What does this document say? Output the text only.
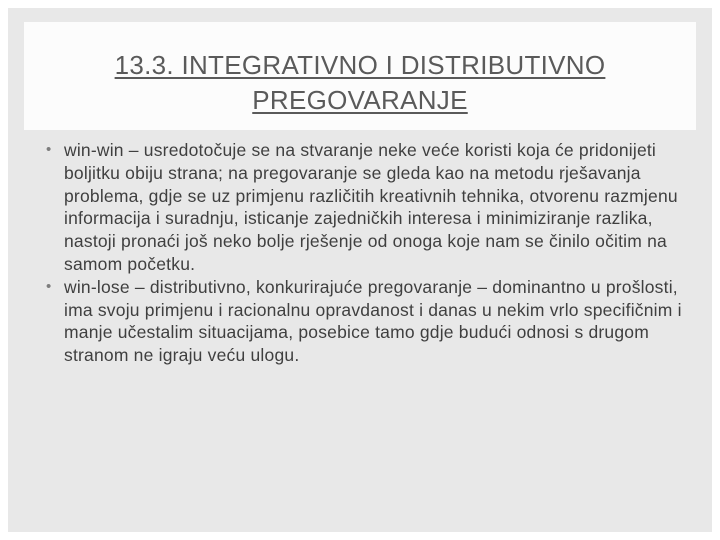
13.3. INTEGRATIVNO I DISTRIBUTIVNO
PREGOVARANJE

• win-win – usredotočuje se na stvaranje neke veće koristi koja će pridonijeti boljitku obiju strana; na pregovaranje se gleda kao na metodu rješavanja problema, gdje se uz primjenu različitih kreativnih tehnika, otvorenu razmjenu informacija i suradnju, isticanje zajedničkih interesa i minimiziranje razlika, nastoji pronaći još neko bolje rješenje od onoga koje nam se činilo očitim na samom početku.

• win-lose – distributivno, konkurirajuće pregovaranje – dominantno u prošlosti, ima svoju primjenu i racionalnu opravdanost i danas u nekim vrlo specifičnim i manje učestalim situacijama, posebice tamo gdje budući odnosi s drugom stranom ne igraju veću ulogu.
